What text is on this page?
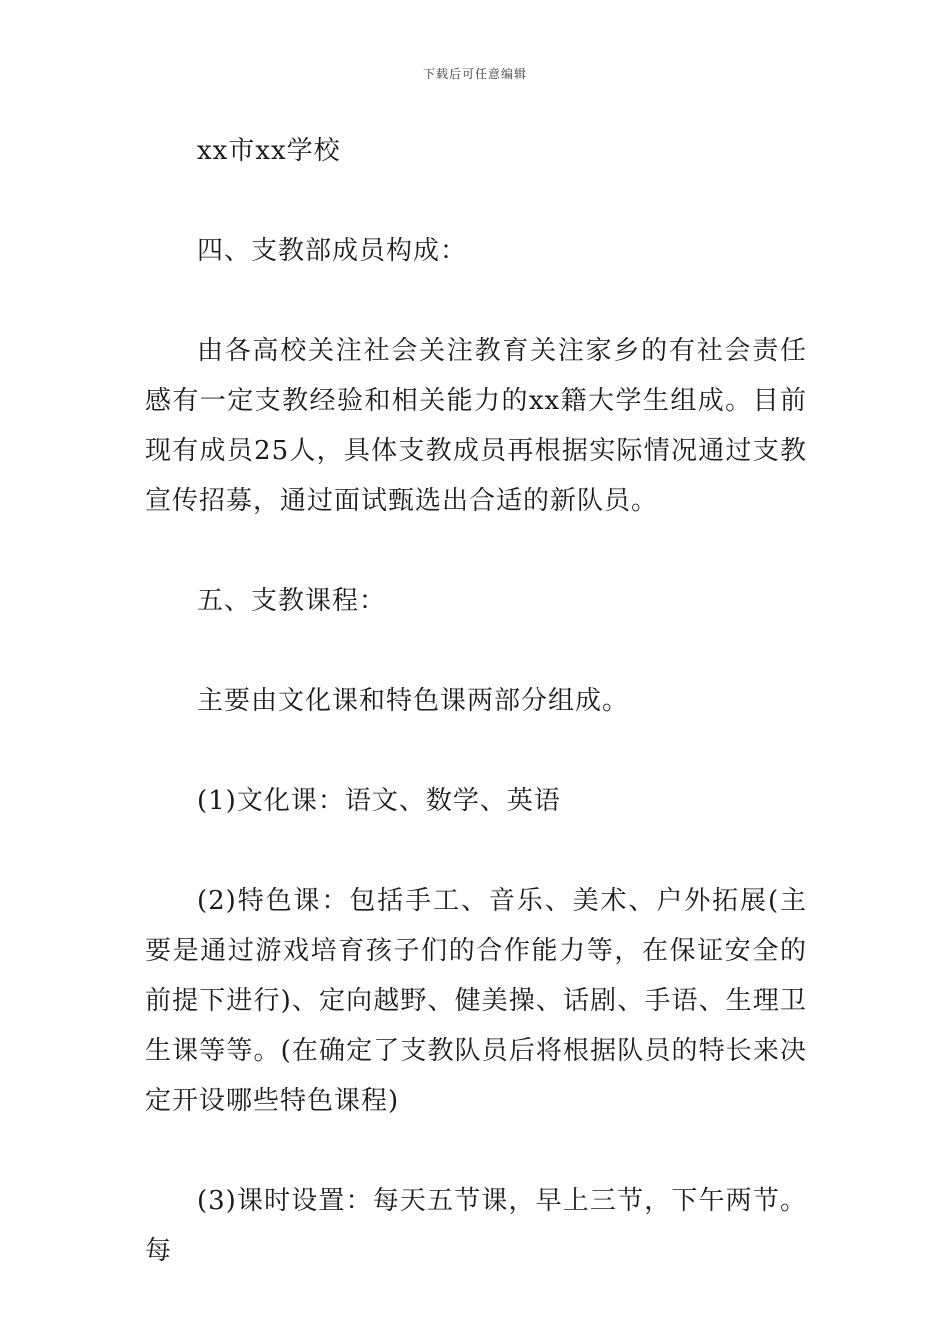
下载后可任意编辑

xx市xx学校

四、支教部成员构成：

由各高校关注社会关注教育关注家乡的有社会责任感有一定支教经验和相关能力的xx籍大学生组成。目前现有成员25人，具体支教成员再根据实际情况通过支教宣传招募，通过面试甄选出合适的新队员。

五、支教课程：

主要由文化课和特色课两部分组成。

(1)文化课：语文、数学、英语

(2)特色课：包括手工、音乐、美术、户外拓展(主要是通过游戏培育孩子们的合作能力等，在保证安全的前提下进行)、定向越野、健美操、话剧、手语、生理卫生课等等。(在确定了支教队员后将根据队员的特长来决定开设哪些特色课程)

(3)课时设置：每天五节课，早上三节，下午两节。每
